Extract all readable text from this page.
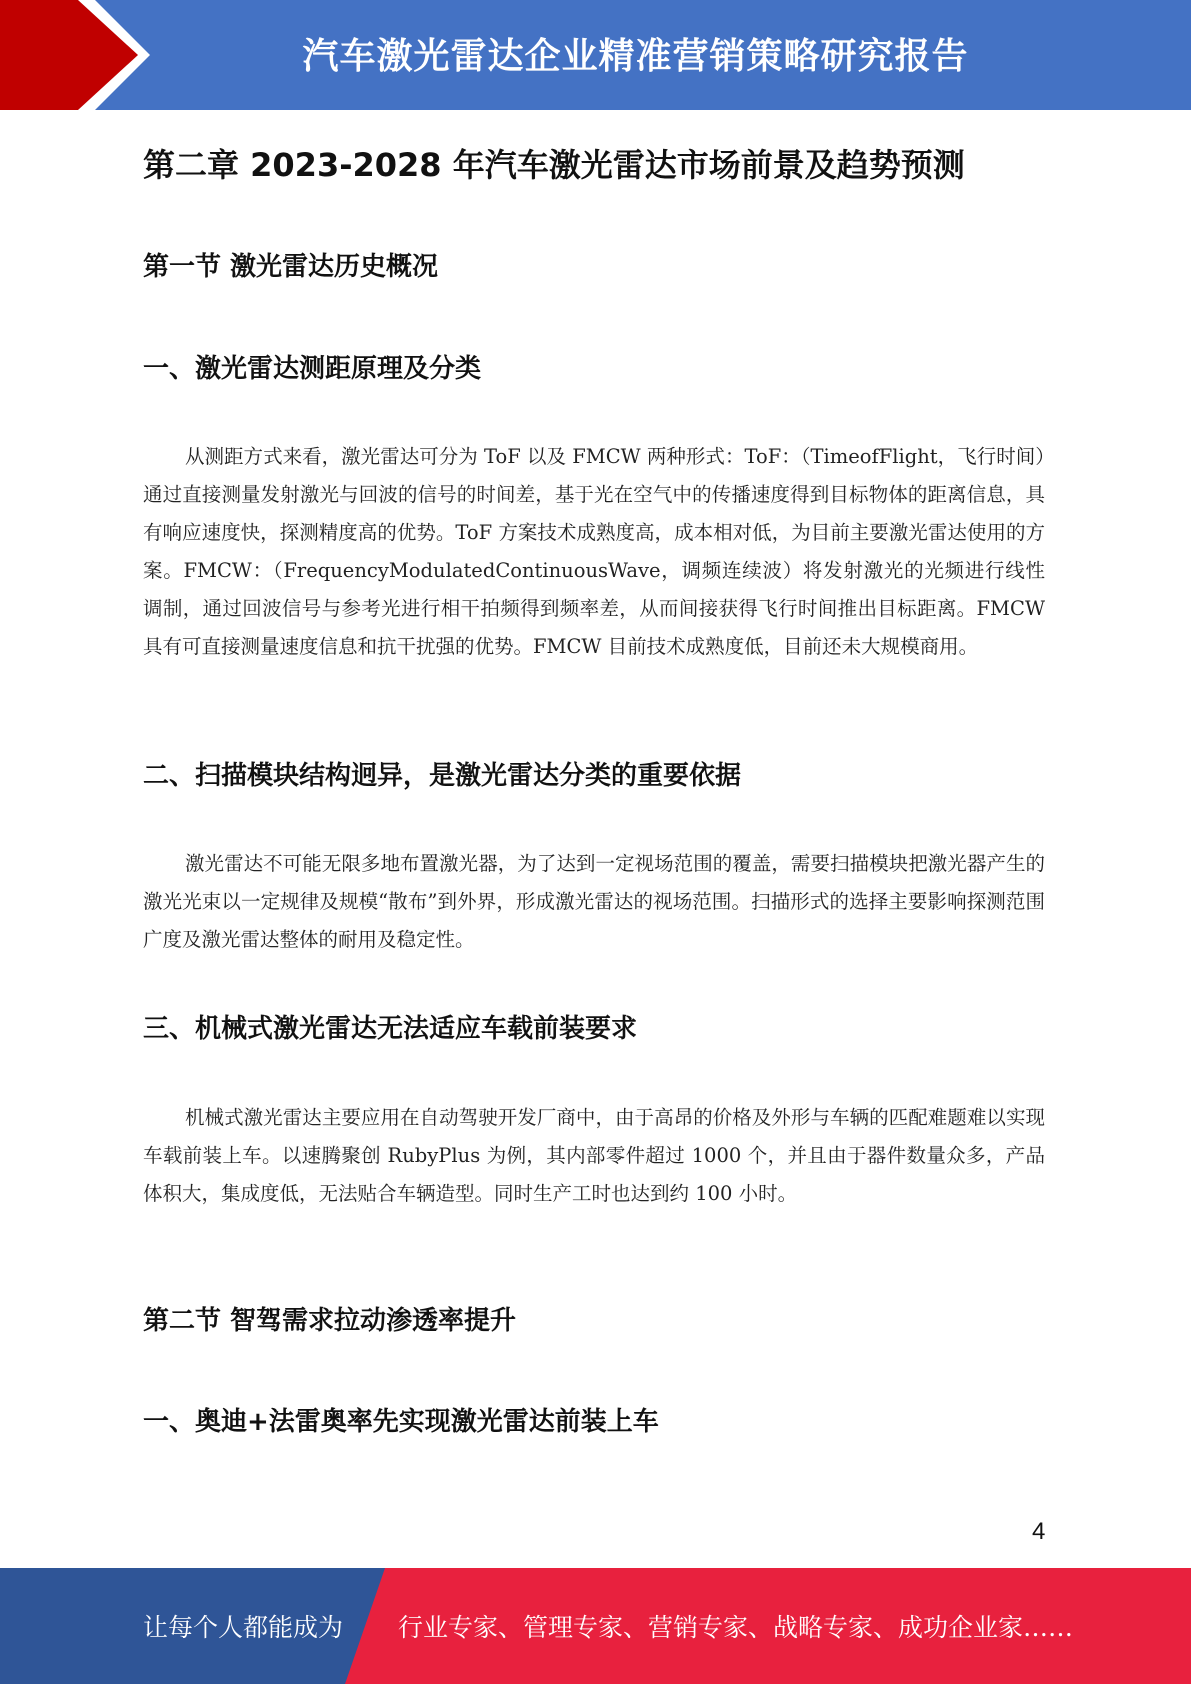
汽车激光雷达企业精准营销策略研究报告
第二章 2023-2028 年汽车激光雷达市场前景及趋势预测
第一节 激光雷达历史概况
一、激光雷达测距原理及分类

从测距方式来看，激光雷达可分为 ToF 以及 FMCW 两种形式：ToF：（TimeofFlight，飞行时间）通过直接测量发射激光与回波的信号的时间差，基于光在空气中的传播速度得到目标物体的距离信息，具有响应速度快，探测精度高的优势。ToF 方案技术成熟度高，成本相对低，为目前主要激光雷达使用的方案。FMCW：（FrequencyModulatedContinuousWave，调频连续波）将发射激光的光频进行线性调制，通过回波信号与参考光进行相干拍频得到频率差，从而间接获得飞行时间推出目标距离。FMCW 具有可直接测量速度信息和抗干扰强的优势。FMCW 目前技术成熟度低，目前还未大规模商用。

二、扫描模块结构迥异，是激光雷达分类的重要依据

激光雷达不可能无限多地布置激光器，为了达到一定视场范围的覆盖，需要扫描模块把激光器产生的激光光束以一定规律及规模“散布”到外界，形成激光雷达的视场范围。扫描形式的选择主要影响探测范围广度及激光雷达整体的耐用及稳定性。

三、机械式激光雷达无法适应车载前装要求

机械式激光雷达主要应用在自动驾驶开发厂商中，由于高昂的价格及外形与车辆的匹配难题难以实现车载前装上车。以速腾聚创 RubyPlus 为例，其内部零件超过 1000 个，并且由于器件数量众多，产品体积大，集成度低，无法贴合车辆造型。同时生产工时也达到约 100 小时。

第二节 智驾需求拉动渗透率提升
一、奥迪+法雷奥率先实现激光雷达前装上车
4
让每个人都能成为 行业专家、管理专家、营销专家、战略专家、成功企业家……
